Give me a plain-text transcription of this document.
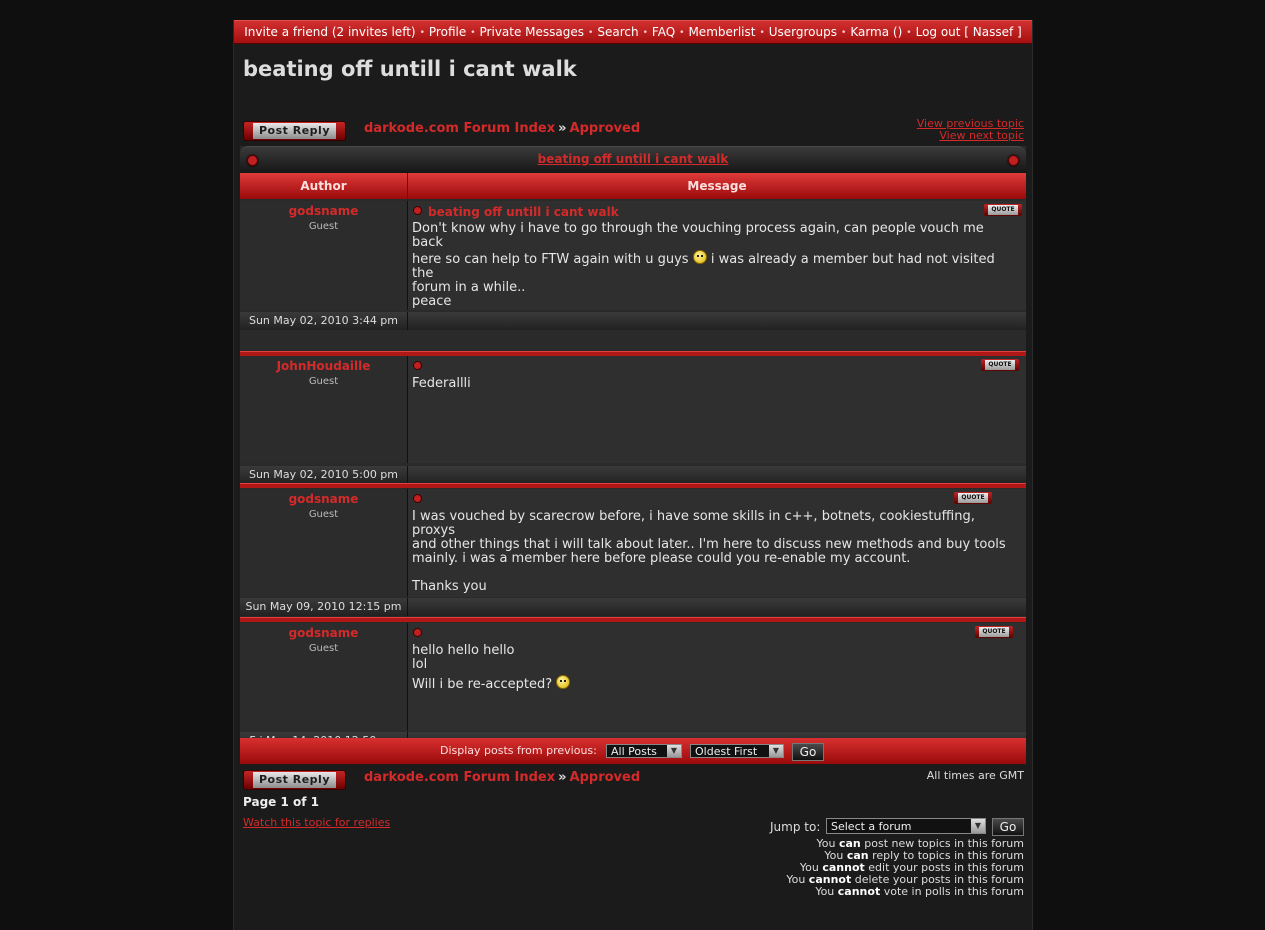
Invite a friend (2 invites left) • Profile • Private Messages • Search • FAQ • Memberlist • Usergroups • Karma () • Log out [ Nassef ]
beating off untill i cant walk
Post Reply	darkode.com Forum Index » Approved	View previous topic
View next topic
beating off untill i cant walk
Author	Message
godsname
Guest
beating off untill i cant walk	QUOTE

Don't know why i have to go through the vouching process again, can people vouch me back

here so can help to FTW again with u guys i was already a member but had not visited the

forum in a while..

peace

Sun May 02, 2010 3:44 pm
JohnHoudaille
Guest
QUOTE

Federallli

Sun May 02, 2010 5:00 pm
godsname
Guest
QUOTE

I was vouched by scarecrow before, i have some skills in c++, botnets, cookiestuffing, proxys

and other things that i will talk about later.. I'm here to discuss new methods and buy tools

mainly. i was a member here before please could you re-enable my account.

Thanks you

Sun May 09, 2010 12:15 pm
godsname
Guest
QUOTE

hello hello hello

lol

Will i be re-accepted?

Display posts from previous:	All Posts	▼	Oldest First	▼	Go
Post Reply	darkode.com Forum Index » Approved	All times are GMT
Page 1 of 1
Watch this topic for replies	Jump to: Select a forum	▼	Go
You can post new topics in this forum
You can reply to topics in this forum
You cannot edit your posts in this forum
You cannot delete your posts in this forum
You cannot vote in polls in this forum
